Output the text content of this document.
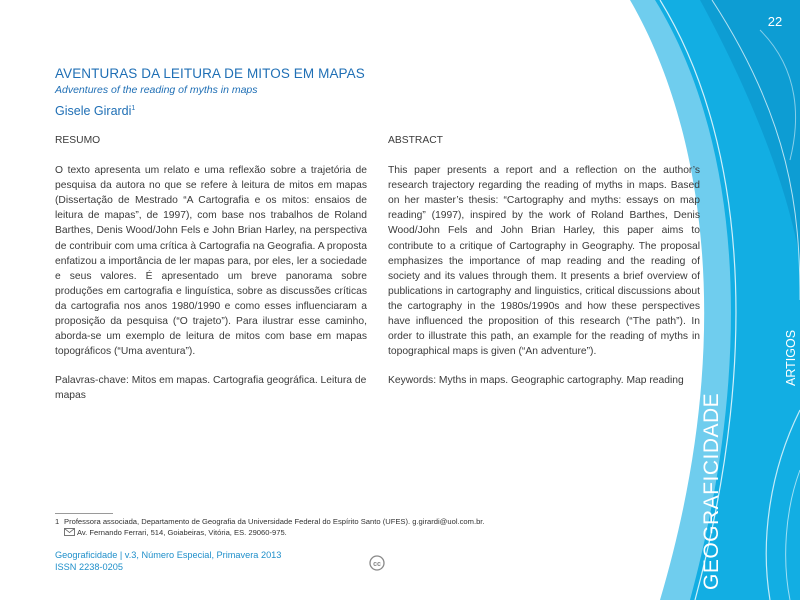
22
AVENTURAS DA LEITURA DE MITOS EM MAPAS
Adventures of the reading of myths in maps
Gisele Girardi$^1$
RESUMO

O texto apresenta um relato e uma reflexão sobre a trajetória de pesquisa da autora no que se refere à leitura de mitos em mapas (Dissertação de Mestrado “A Cartografia e os mitos: ensaios de leitura de mapas”, de 1997), com base nos trabalhos de Roland Barthes, Denis Wood/John Fels e John Brian Harley, na perspectiva de contribuir com uma crítica à Cartografia na Geografia. A proposta enfatizou a importância de ler mapas para, por eles, ler a sociedade e seus valores. É apresentado um breve panorama sobre produções em cartografia e linguística, sobre as discussões críticas da cartografia nos anos 1980/1990 e como esses influenciaram a proposição da pesquisa (“O trajeto”). Para ilustrar esse caminho, aborda-se um exemplo de leitura de mitos com base em mapas topográficos (“Uma aventura”).

Palavras-chave: Mitos em mapas. Cartografia geográfica. Leitura de mapas

ABSTRACT

This paper presents a report and a reflection on the author’s research trajectory regarding the reading of myths in maps. Based on her master’s thesis: “Cartography and myths: essays on map reading” (1997), inspired by the work of Roland Barthes, Denis Wood/John Fels and John Brian Harley, this paper aims to contribute to a critique of Cartography in Geography. The proposal emphasizes the importance of map reading and the reading of society and its values through them. It presents a brief overview of publications in cartography and linguistics, critical discussions about the cartography in the 1980s/1990s and how these perspectives have influenced the proposition of this research (“The path”). In order to illustrate this path, an example for the reading of myths in topographical maps is given (“An adventure”).

Keywords: Myths in maps. Geographic cartography. Map reading

1 Professora associada, Departamento de Geografia da Universidade Federal do Espírito Santo (UFES). g.girardi@uol.com.br.
Av. Fernando Ferrari, 514, Goiabeiras, Vitória, ES. 29060-975.
Geograficidade | v.3, Número Especial, Primavera 2013
ISSN 2238-0205	cc	GEOGRAFICIDADE
ARTIGOS
